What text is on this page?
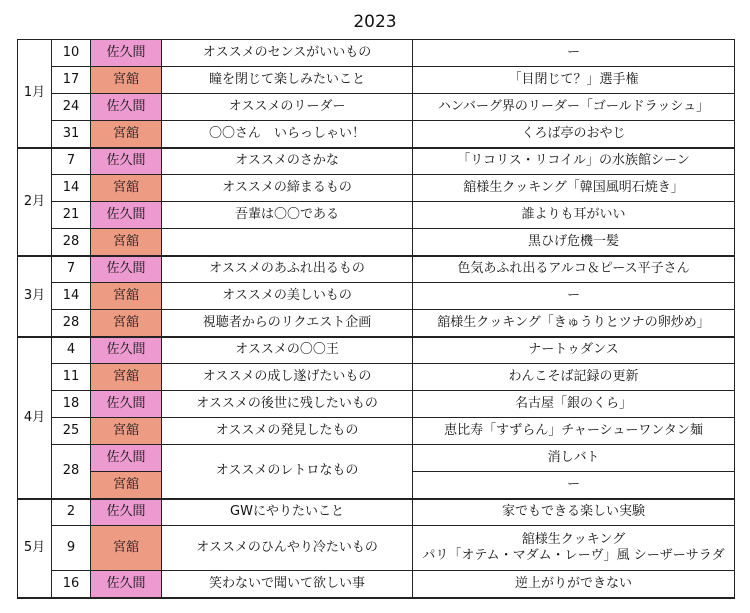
2023
1月	10	佐久間	オススメのセンスがいいもの	ー

	17	宮舘	瞳を閉じて楽しみたいこと	「目閉じて？」選手権

	24	佐久間	オススメのリーダー	ハンバーグ界のリーダー「ゴールドラッシュ」

	31	宮舘	〇〇さん　いらっしゃい！	くろば亭のおやじ

2月	7	佐久間	オススメのさかな	「リコリス・リコイル」の水族館シーン

	14	宮舘	オススメの締まるもの	舘様生クッキング「韓国風明石焼き」

	21	佐久間	吾輩は〇〇である	誰よりも耳がいい

	28	宮舘		黒ひげ危機一髪

3月	7	佐久間	オススメのあふれ出るもの	色気あふれ出るアルコ＆ピース平子さん

	14	宮舘	オススメの美しいもの	ー

	28	宮舘	視聴者からのリクエスト企画	舘様生クッキング「きゅうりとツナの卵炒め」

4月	4	佐久間	オススメの〇〇王	ナートゥダンス

	11	宮舘	オススメの成し遂げたいもの	わんこそば記録の更新

	18	佐久間	オススメの後世に残したいもの	名古屋「銀のくら」

	25	宮舘	オススメの発見したもの	恵比寿「すずらん」チャーシューワンタン麺

	28	佐久間	オススメのレトロなもの	消しバト

		宮舘		ー
5月	2	佐久間	GWにやりたいこと	家でもできる楽しい実験

	9	宮舘	オススメのひんやり冷たいもの	舘様生クッキング
パリ「オテム・マダム・レーヴ」風 シーザーサラダ

	16	佐久間	笑わないで聞いて欲しい事	逆上がりができない
